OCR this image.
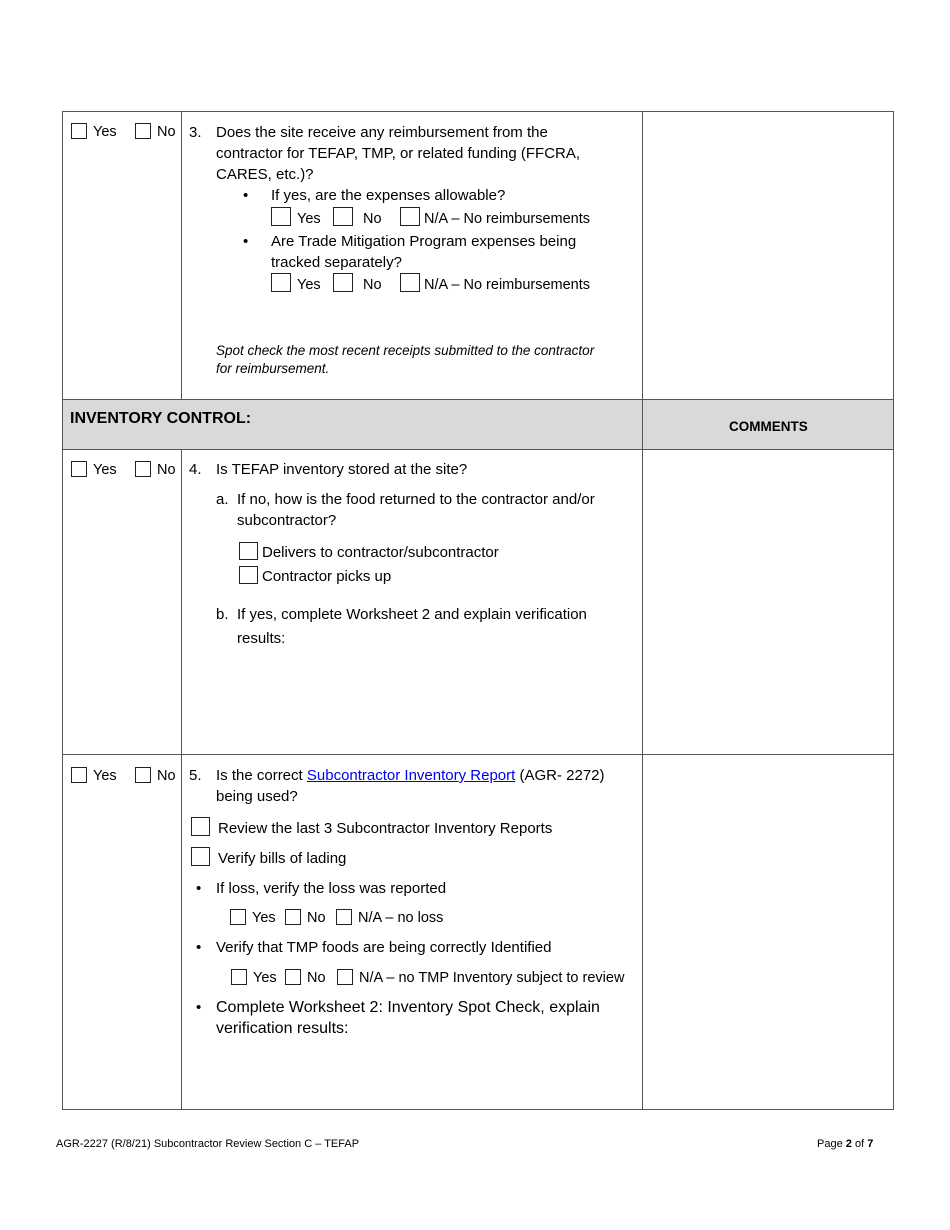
Yes	No 3. Does the site receive any reimbursement from the
contractor for TEFAP, TMP, or related funding (FFCRA,
CARES, etc.)?
• If yes, are the expenses allowable?
Yes	No	N/A – No reimbursements
• Are Trade Mitigation Program expenses being
tracked separately?
Yes	No	N/A – No reimbursements
Spot check the most recent receipts submitted to the contractor
for reimbursement.
INVENTORY CONTROL:	COMMENTS
Yes	No 4. Is TEFAP inventory stored at the site?
a. If no, how is the food returned to the contractor and/or
subcontractor?
Delivers to contractor/subcontractor
Contractor picks up
b. If yes, complete Worksheet 2 and explain verification
results:
Yes	No 5. Is the correct Subcontractor Inventory Report (AGR- 2272)
being used?
Review the last 3 Subcontractor Inventory Reports
Verify bills of lading
• If loss, verify the loss was reported
Yes	No	N/A – no loss
• Verify that TMP foods are being correctly Identified
Yes	No	N/A – no TMP Inventory subject to review
• Complete Worksheet 2: Inventory Spot Check, explain
verification results:
AGR-2227 (R/8/21) Subcontractor Review Section C – TEFAP	Page 2 of 7
